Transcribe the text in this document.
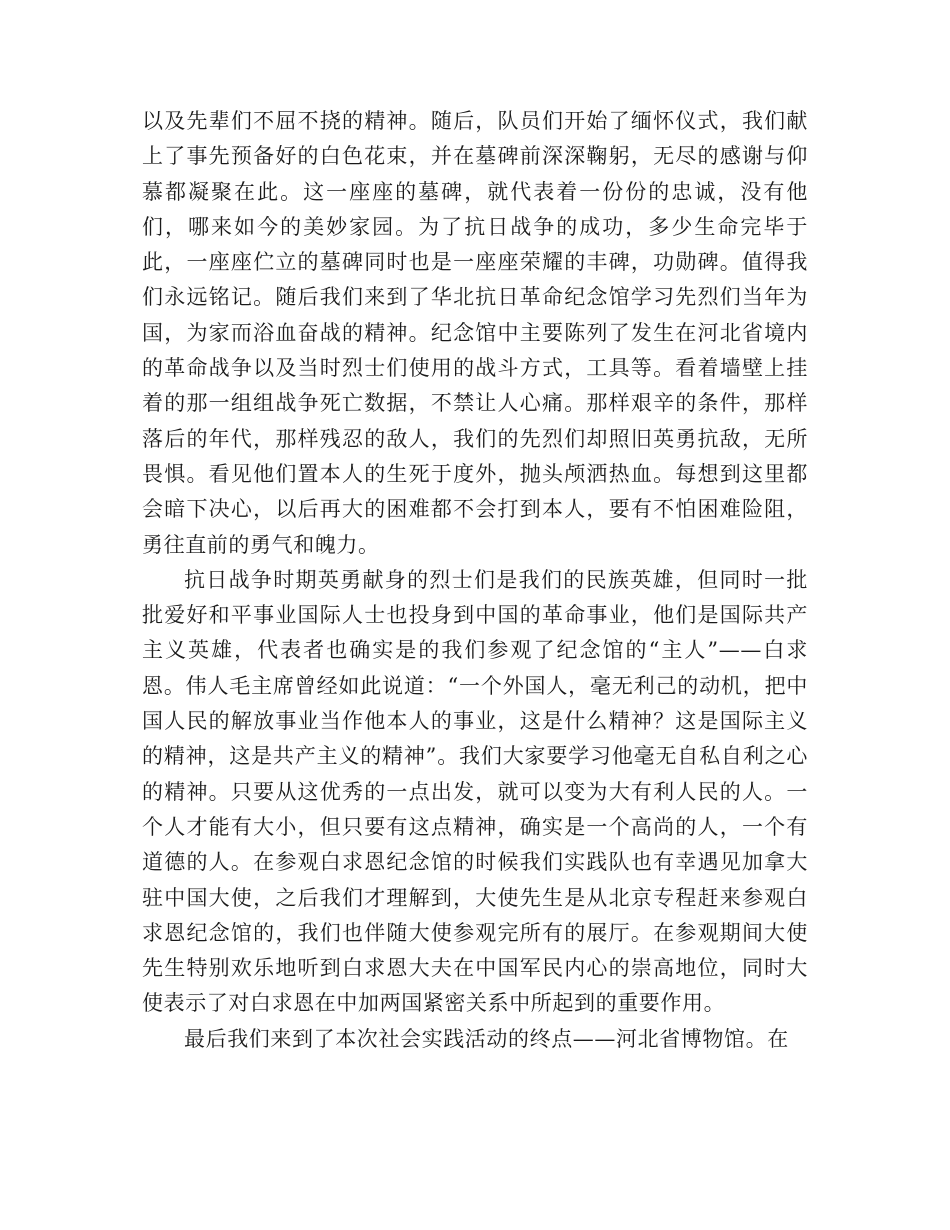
以及先辈们不屈不挠的精神。随后，队员们开始了缅怀仪式，我们献上了事先预备好的白色花束，并在墓碑前深深鞠躬，无尽的感谢与仰慕都凝聚在此。这一座座的墓碑，就代表着一份份的忠诚，没有他们，哪来如今的美妙家园。为了抗日战争的成功，多少生命完毕于此，一座座伫立的墓碑同时也是一座座荣耀的丰碑，功勋碑。值得我们永远铭记。随后我们来到了华北抗日革命纪念馆学习先烈们当年为国，为家而浴血奋战的精神。纪念馆中主要陈列了发生在河北省境内的革命战争以及当时烈士们使用的战斗方式，工具等。看着墙壁上挂着的那一组组战争死亡数据，不禁让人心痛。那样艰辛的条件，那样落后的年代，那样残忍的敌人，我们的先烈们却照旧英勇抗敌，无所畏惧。看见他们置本人的生死于度外，抛头颅洒热血。每想到这里都会暗下决心，以后再大的困难都不会打到本人，要有不怕困难险阻，勇往直前的勇气和魄力。

抗日战争时期英勇献身的烈士们是我们的民族英雄，但同时一批批爱好和平事业国际人士也投身到中国的革命事业，他们是国际共产主义英雄，代表者也确实是的我们参观了纪念馆的“主人”——白求恩。伟人毛主席曾经如此说道：“一个外国人，毫无利己的动机，把中国人民的解放事业当作他本人的事业，这是什么精神？这是国际主义的精神，这是共产主义的精神”。我们大家要学习他毫无自私自利之心的精神。只要从这优秀的一点出发，就可以变为大有利人民的人。一个人才能有大小，但只要有这点精神，确实是一个高尚的人，一个有道德的人。在参观白求恩纪念馆的时候我们实践队也有幸遇见加拿大驻中国大使，之后我们才理解到，大使先生是从北京专程赶来参观白求恩纪念馆的，我们也伴随大使参观完所有的展厅。在参观期间大使先生特别欢乐地听到白求恩大夫在中国军民内心的崇高地位，同时大使表示了对白求恩在中加两国紧密关系中所起到的重要作用。

最后我们来到了本次社会实践活动的终点——河北省博物馆。在
